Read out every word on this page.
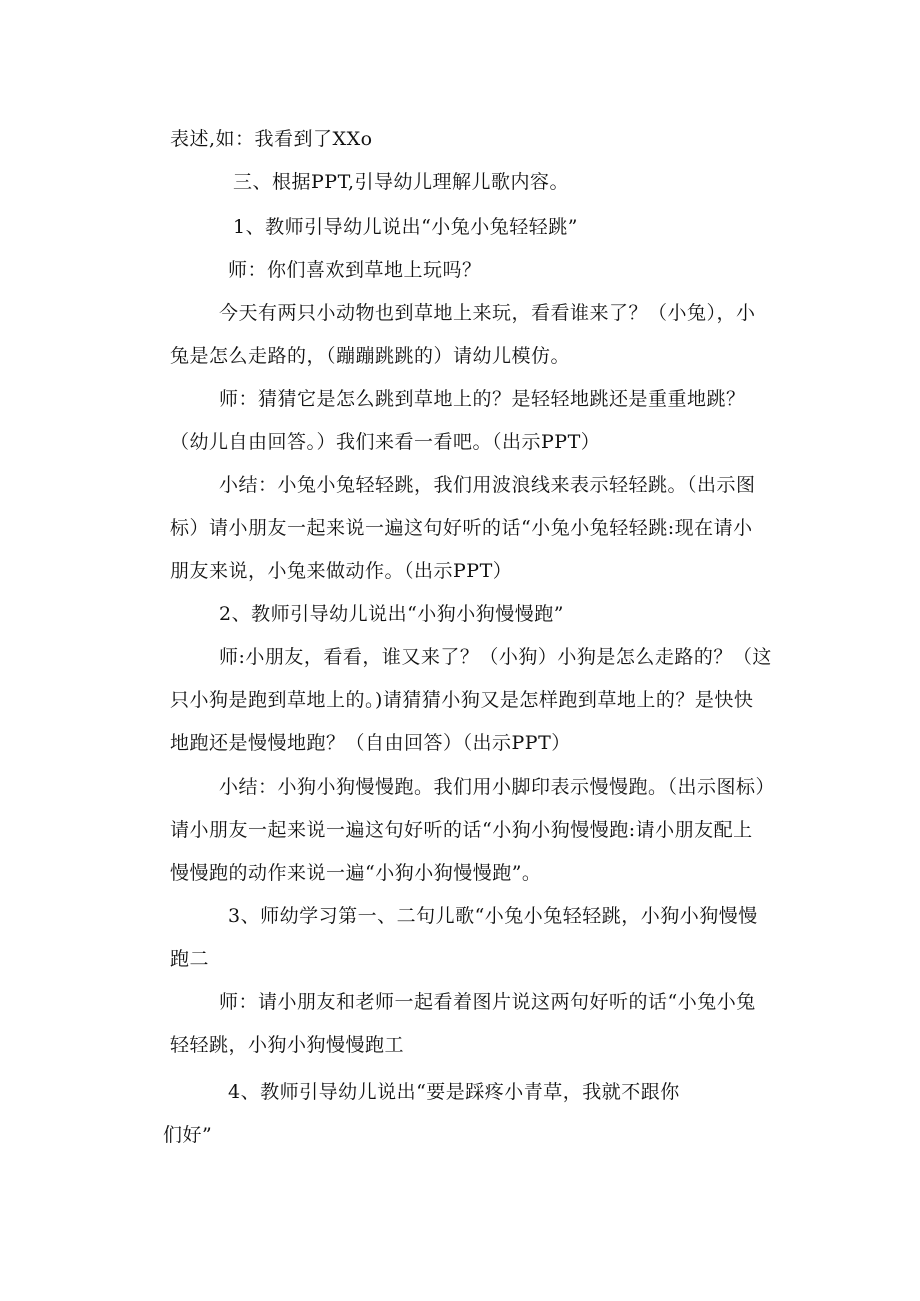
表述,如：我看到了XXo

三、根据PPT,引导幼儿理解儿歌内容。

1、教师引导幼儿说出“小兔小兔轻轻跳”

师：你们喜欢到草地上玩吗？

今天有两只小动物也到草地上来玩，看看谁来了？（小兔），小

兔是怎么走路的，（蹦蹦跳跳的）请幼儿模仿。

师：猜猜它是怎么跳到草地上的？是轻轻地跳还是重重地跳？

（幼儿自由回答。）我们来看一看吧。（出示PPT）

小结：小兔小兔轻轻跳，我们用波浪线来表示轻轻跳。（出示图

标）请小朋友一起来说一遍这句好听的话“小兔小兔轻轻跳:现在请小

朋友来说，小兔来做动作。（出示PPT）

2、教师引导幼儿说出“小狗小狗慢慢跑”

师:小朋友，看看，谁又来了？（小狗）小狗是怎么走路的？（这

只小狗是跑到草地上的。)请猜猜小狗又是怎样跑到草地上的？是快快

地跑还是慢慢地跑？（自由回答）（出示PPT）

小结：小狗小狗慢慢跑。我们用小脚印表示慢慢跑。（出示图标）

请小朋友一起来说一遍这句好听的话“小狗小狗慢慢跑:请小朋友配上

慢慢跑的动作来说一遍“小狗小狗慢慢跑”。

3、师幼学习第一、二句儿歌“小兔小兔轻轻跳，小狗小狗慢慢

跑二

师：请小朋友和老师一起看着图片说这两句好听的话“小兔小兔

轻轻跳，小狗小狗慢慢跑工

4、教师引导幼儿说出“要是踩疼小青草，我就不跟你

们好”
